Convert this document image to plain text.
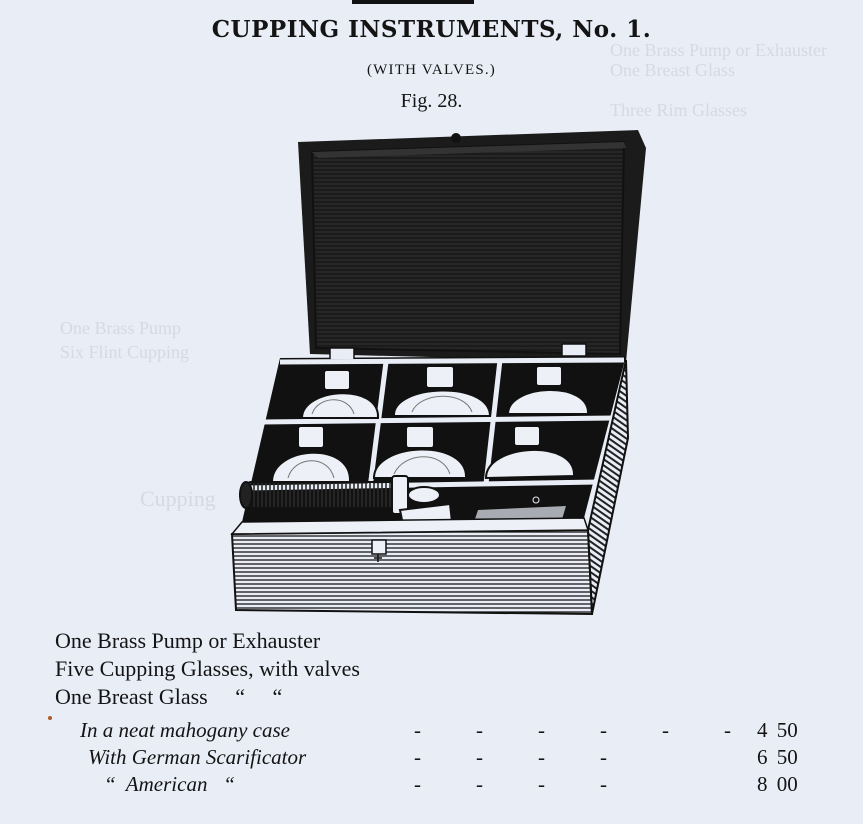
One Brass Pump or Exhauster
One Breast Glass
Three Rim Glasses
One Brass Pump
Six Flint Cupping
Cupping
CUPPING INSTRUMENTS, No. 1.
(WITH VALVES.)
Fig. 28.
One Brass Pump or Exhauster
Five Cupping Glasses, with valves
One Breast Glass     “     “
In a neat mahogany case	-	-	-	-	-	-	4 50
With German Scarificator	-	-	-	-	6 50
“  American   “	-	-	-	-	8 00
